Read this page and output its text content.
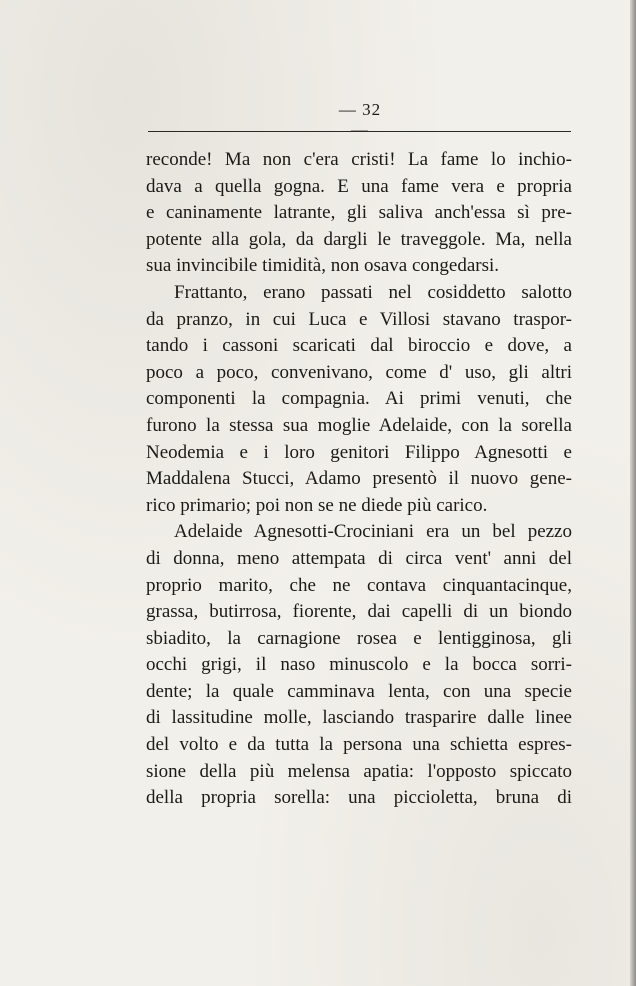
— 32 —
reconde! Ma non c'era cristi! La fame lo inchio-
dava a quella gogna. E una fame vera e propria
e caninamente latrante, gli saliva anch'essa sì pre-
potente alla gola, da dargli le traveggole. Ma, nella
sua invincibile timidità, non osava congedarsi.
Frattanto, erano passati nel cosiddetto salotto
da pranzo, in cui Luca e Villosi stavano traspor-
tando i cassoni scaricati dal biroccio e dove, a
poco a poco, convenivano, come d' uso, gli altri
componenti la compagnia. Ai primi venuti, che
furono la stessa sua moglie Adelaide, con la sorella
Neodemia e i loro genitori Filippo Agnesotti e
Maddalena Stucci, Adamo presentò il nuovo gene-
rico primario; poi non se ne diede più carico.
Adelaide Agnesotti-Crociniani era un bel pezzo
di donna, meno attempata di circa vent' anni del
proprio marito, che ne contava cinquantacinque,
grassa, butirrosa, fiorente, dai capelli di un biondo
sbiadito, la carnagione rosea e lentigginosa, gli
occhi grigi, il naso minuscolo e la bocca sorri-
dente; la quale camminava lenta, con una specie
di lassitudine molle, lasciando trasparire dalle linee
del volto e da tutta la persona una schietta espres-
sione della più melensa apatia: l'opposto spiccato
della propria sorella: una piccioletta, bruna di
